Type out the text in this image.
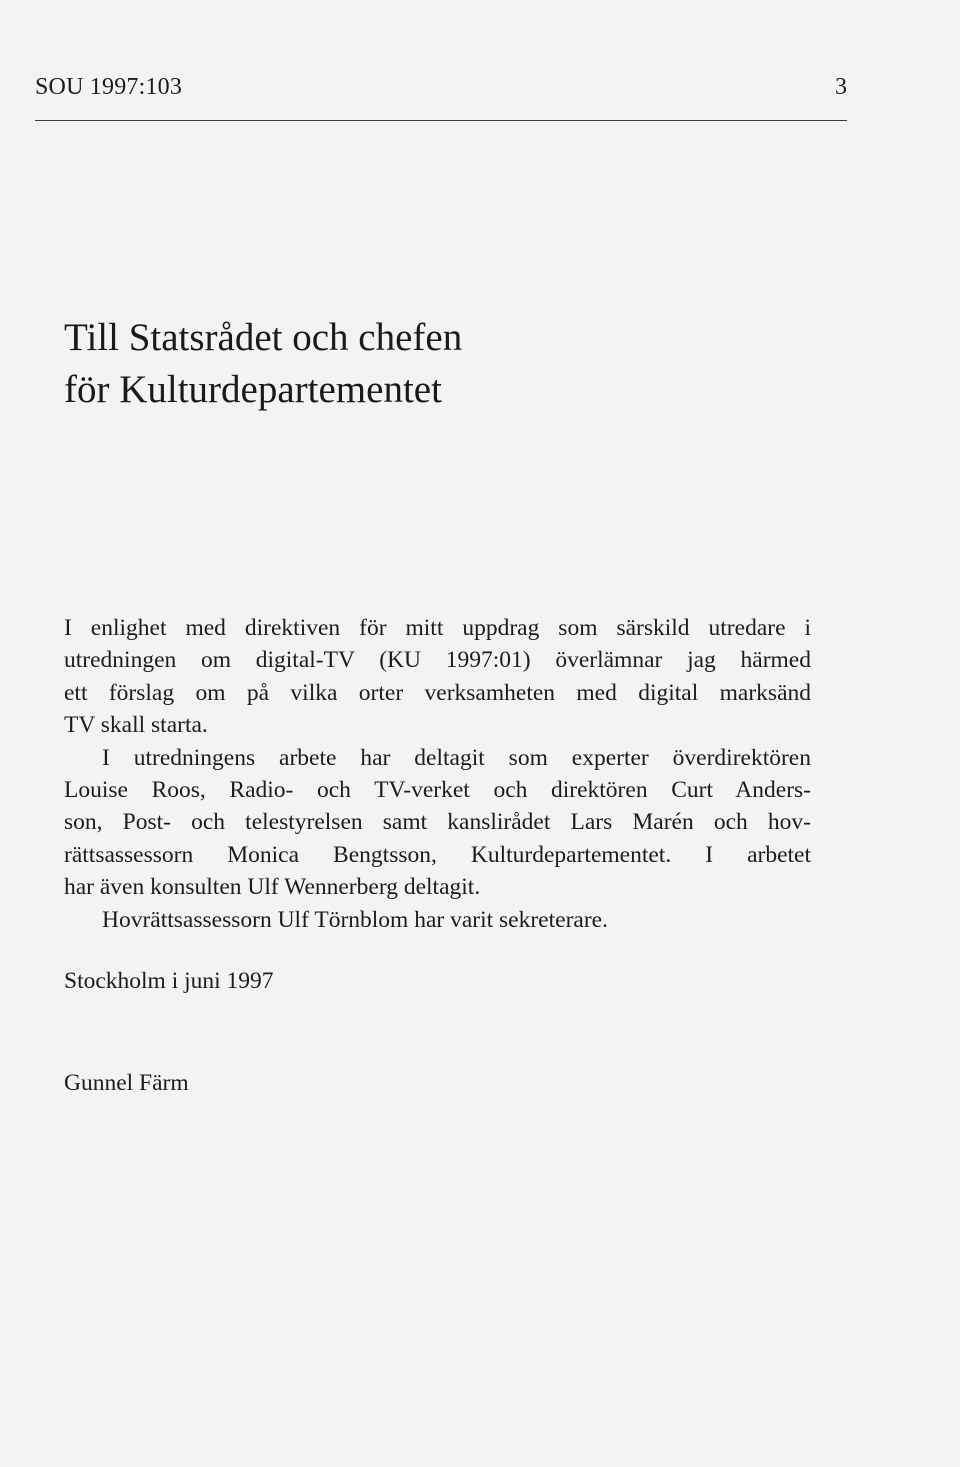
SOU 1997:103	3
Till Statsrådet och chefen
för Kulturdepartementet

I enlighet med direktiven för mitt uppdrag som särskild utredare i
utredningen om digital-TV (KU 1997:01) överlämnar jag härmed
ett förslag om på vilka orter verksamheten med digital marksänd
TV skall starta.

I utredningens arbete har deltagit som experter överdirektören
Louise Roos, Radio- och TV-verket och direktören Curt Anders-
son, Post- och telestyrelsen samt kanslirådet Lars Marén och hov-
rättsassessorn Monica Bengtsson, Kulturdepartementet. I arbetet
har även konsulten Ulf Wennerberg deltagit.

Hovrättsassessorn Ulf Törnblom har varit sekreterare.

Stockholm i juni 1997
Gunnel Färm
